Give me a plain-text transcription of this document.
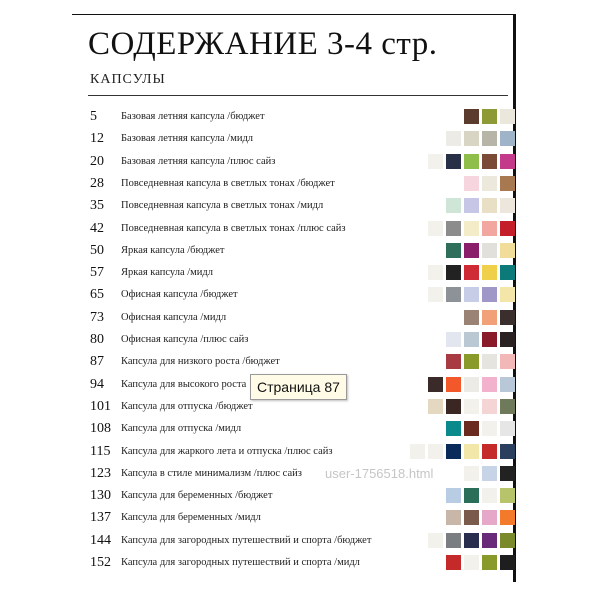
СОДЕРЖАНИЕ 3-4 стр.
КАПСУЛЫ
5 Базовая летняя капсула /бюджет
12 Базовая летняя капсула /мидл
20 Базовая летняя капсула /плюс сайз
28 Повседневная капсула в светлых тонах /бюджет
35 Повседневная капсула в светлых тонах /мидл
42 Повседневная капсула в светлых тонах /плюс сайз
50 Яркая капсула /бюджет
57 Яркая капсула /мидл
65 Офисная капсула /бюджет
73 Офисная капсула /мидл
80 Офисная капсула /плюс сайз
87 Капсула для низкого роста /бюджет
94 Капсула для высокого роста
101 Капсула для отпуска /бюджет
108 Капсула для отпуска /мидл
115 Капсула для жаркого лета и отпуска /плюс сайз
123 Капсула в стиле минимализм /плюс сайз
130 Капсула для беременных /бюджет
137 Капсула для беременных /мидл
144 Капсула для загородных путешествий и спорта /бюджет
152 Капсула для загородных путешествий и спорта /мидл
user-1756518.html
Страница 87
